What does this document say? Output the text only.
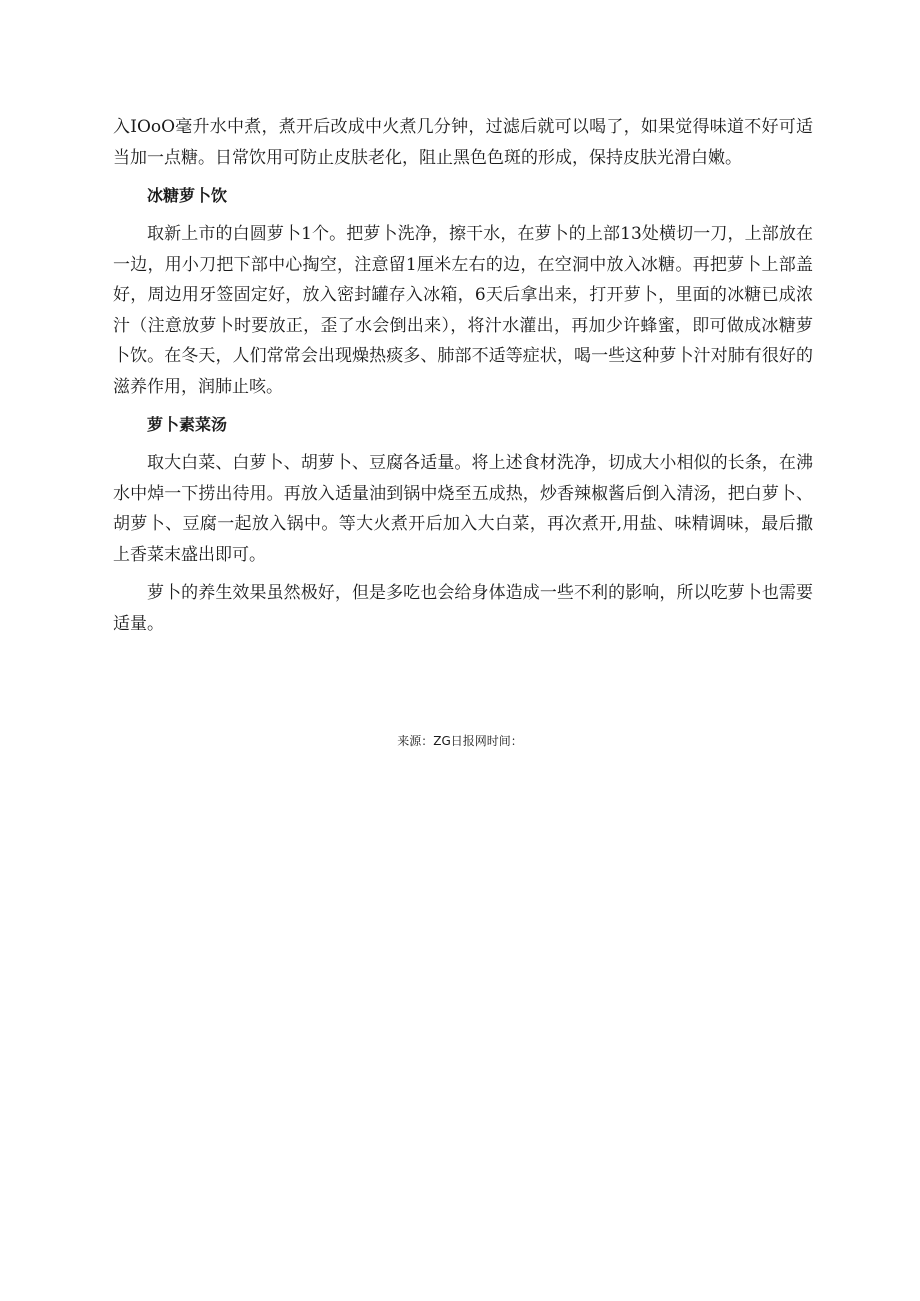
入IOoO毫升水中煮，煮开后改成中火煮几分钟，过滤后就可以喝了，如果觉得味道不好可适当加一点糖。日常饮用可防止皮肤老化，阻止黑色色斑的形成，保持皮肤光滑白嫩。

冰糖萝卜饮

取新上市的白圆萝卜1个。把萝卜洗净，擦干水，在萝卜的上部13处横切一刀，上部放在一边，用小刀把下部中心掏空，注意留1厘米左右的边，在空洞中放入冰糖。再把萝卜上部盖好，周边用牙签固定好，放入密封罐存入冰箱，6天后拿出来，打开萝卜，里面的冰糖已成浓汁（注意放萝卜时要放正，歪了水会倒出来），将汁水灌出，再加少许蜂蜜，即可做成冰糖萝卜饮。在冬天，人们常常会出现燥热痰多、肺部不适等症状，喝一些这种萝卜汁对肺有很好的滋养作用，润肺止咳。

萝卜素菜汤

取大白菜、白萝卜、胡萝卜、豆腐各适量。将上述食材洗净，切成大小相似的长条，在沸水中焯一下捞出待用。再放入适量油到锅中烧至五成热，炒香辣椒酱后倒入清汤，把白萝卜、胡萝卜、豆腐一起放入锅中。等大火煮开后加入大白菜，再次煮开,用盐、味精调味，最后撒上香菜末盛出即可。

萝卜的养生效果虽然极好，但是多吃也会给身体造成一些不利的影响，所以吃萝卜也需要适量。

来源：ZG日报网时间：
